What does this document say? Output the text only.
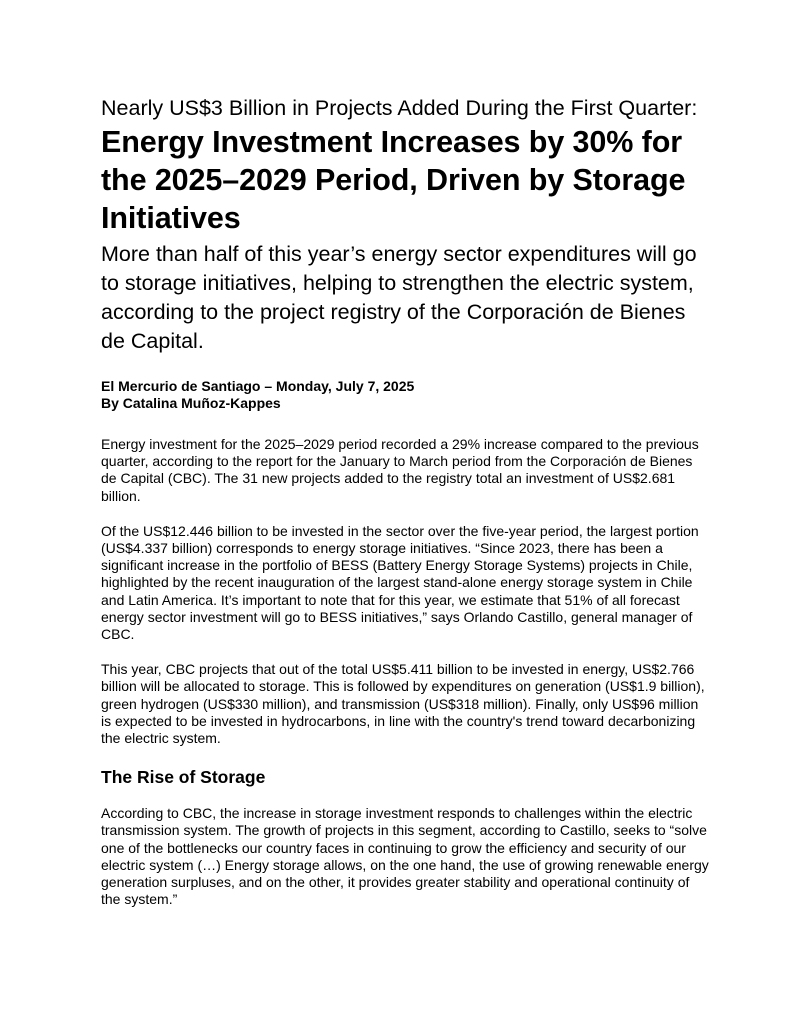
Nearly US$3 Billion in Projects Added During the First Quarter:
Energy Investment Increases by 30% for the 2025–2029 Period, Driven by Storage Initiatives

More than half of this year’s energy sector expenditures will go to storage initiatives, helping to strengthen the electric system, according to the project registry of the Corporación de Bienes de Capital.

El Mercurio de Santiago – Monday, July 7, 2025
By Catalina Muñoz-Kappes

Energy investment for the 2025–2029 period recorded a 29% increase compared to the previous quarter, according to the report for the January to March period from the Corporación de Bienes de Capital (CBC). The 31 new projects added to the registry total an investment of US$2.681 billion.

Of the US$12.446 billion to be invested in the sector over the five-year period, the largest portion (US$4.337 billion) corresponds to energy storage initiatives. “Since 2023, there has been a significant increase in the portfolio of BESS (Battery Energy Storage Systems) projects in Chile, highlighted by the recent inauguration of the largest stand-alone energy storage system in Chile and Latin America. It’s important to note that for this year, we estimate that 51% of all forecast energy sector investment will go to BESS initiatives,” says Orlando Castillo, general manager of CBC.

This year, CBC projects that out of the total US$5.411 billion to be invested in energy, US$2.766 billion will be allocated to storage. This is followed by expenditures on generation (US$1.9 billion), green hydrogen (US$330 million), and transmission (US$318 million). Finally, only US$96 million is expected to be invested in hydrocarbons, in line with the country's trend toward decarbonizing the electric system.

The Rise of Storage

According to CBC, the increase in storage investment responds to challenges within the electric transmission system. The growth of projects in this segment, according to Castillo, seeks to “solve one of the bottlenecks our country faces in continuing to grow the efficiency and security of our electric system (…) Energy storage allows, on the one hand, the use of growing renewable energy generation surpluses, and on the other, it provides greater stability and operational continuity of the system.”
